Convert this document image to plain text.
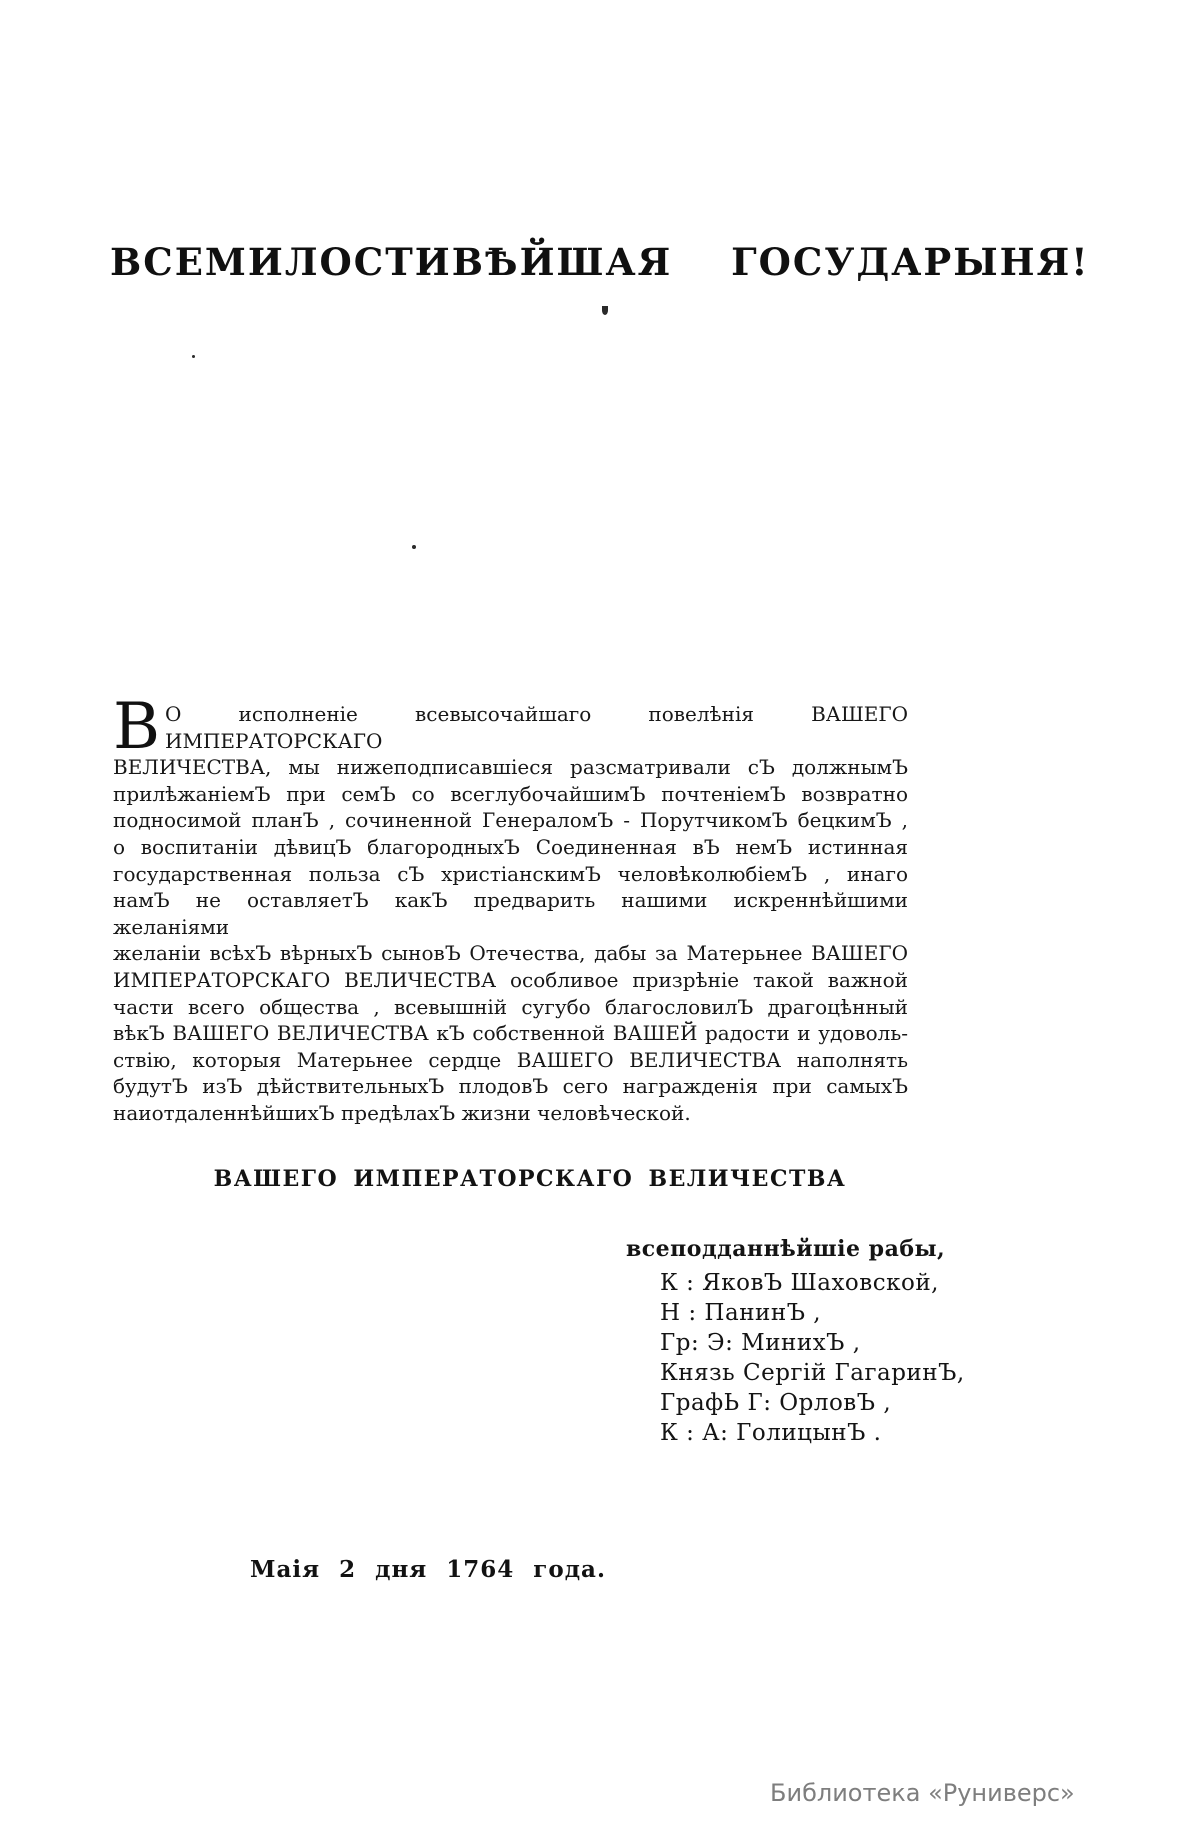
ВСЕМИЛОСТИВѢЙШАЯ ГОСУДАРЫНЯ!
В О исполненіе всевысочайшаго повелѣнія ВАШЕГО ИМПЕРАТОРСКАГО
ВЕЛИЧЕСТВА, мы нижеподписавшіеся разсматривали сЪ должнымЪ
прилѣжаніемЪ при семЪ со всеглубочайшимЪ почтеніемЪ возвратно
подносимой планЪ , сочиненной ГенераломЪ - ПорутчикомЪ бецкимЪ ,
о воспитаніи дѣвицЪ благородныхЪ Соединенная вЪ немЪ истинная
государственная польза сЪ христіанскимЪ человѣколюбіемЪ , инаго
намЪ не оставляетЪ какЪ предварить нашими искреннѣйшими желаніями
желаніи всѣхЪ вѣрныхЪ сыновЪ Отечества, дабы за Матерьнее ВАШЕГО
ИМПЕРАТОРСКАГО ВЕЛИЧЕСТВА особливое призрѣніе такой важной
части всего общества , всевышній сугубо благословилЪ драгоцѣнный
вѣкЪ ВАШЕГО ВЕЛИЧЕСТВА кЪ собственной ВАШЕЙ радости и удоволь-
ствію, которыя Матерьнее сердце ВАШЕГО ВЕЛИЧЕСТВА наполнять
будутЪ изЪ дѣйствительныхЪ плодовЪ сего награжденія при самыхЪ
наиотдаленнѣйшихЪ предѣлахЪ жизни человѣческой.
ВАШЕГО ИМПЕРАТОРСКАГО ВЕЛИЧЕСТВА
всеподданнѣйшіе рабы,
К : ЯковЪ Шаховской,
Н : ПанинЪ ,
Гр: Э: МинихЪ ,
Князь Сергій ГагаринЪ,
ГрафЬ Г: ОрловЪ ,
К : А: ГолицынЪ .
Маія 2 дня 1764 года.
Библиотека «Руниверс»
